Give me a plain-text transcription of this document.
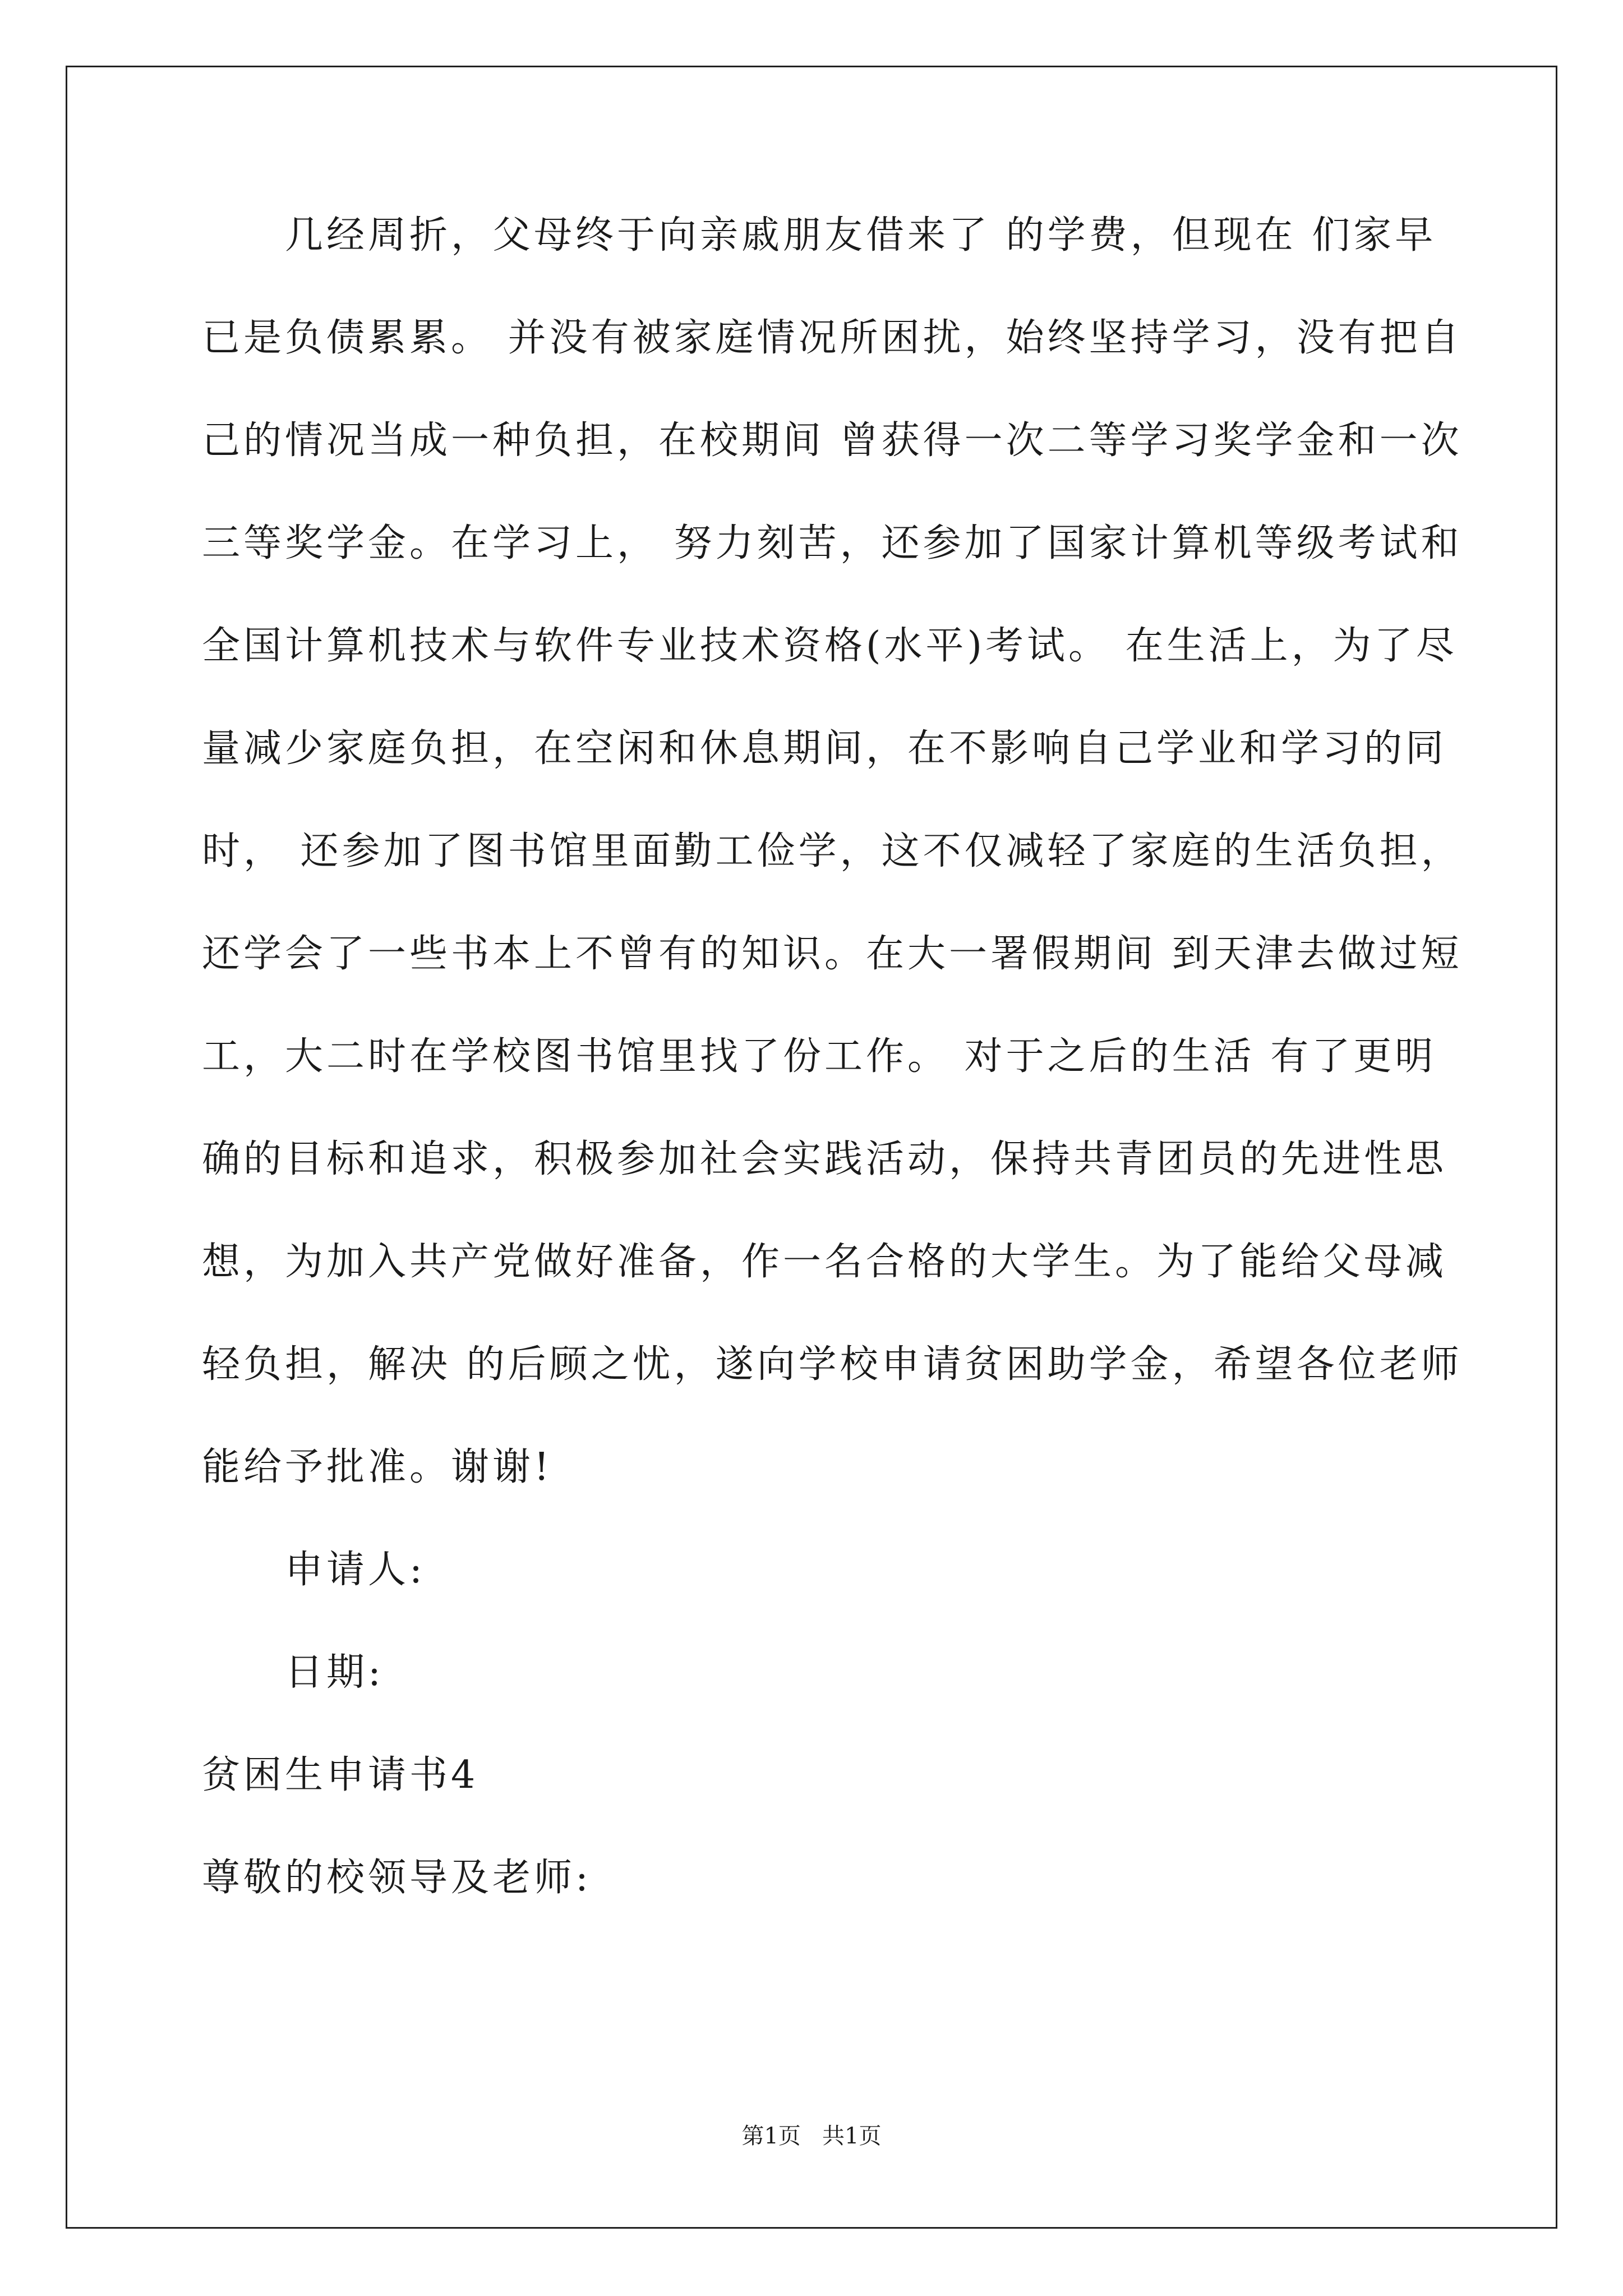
几经周折，父母终于向亲戚朋友借来了 的学费，但现在 们家早
已是负债累累。 并没有被家庭情况所困扰，始终坚持学习，没有把自
己的情况当成一种负担，在校期间 曾获得一次二等学习奖学金和一次
三等奖学金。在学习上， 努力刻苦，还参加了国家计算机等级考试和
全国计算机技术与软件专业技术资格(水平)考试。 在生活上，为了尽
量减少家庭负担，在空闲和休息期间，在不影响自己学业和学习的同
时， 还参加了图书馆里面勤工俭学，这不仅减轻了家庭的生活负担，
还学会了一些书本上不曾有的知识。在大一署假期间 到天津去做过短
工，大二时在学校图书馆里找了份工作。 对于之后的生活 有了更明
确的目标和追求，积极参加社会实践活动，保持共青团员的先进性思
想，为加入共产党做好准备，作一名合格的大学生。为了能给父母减
轻负担，解决 的后顾之忧，遂向学校申请贫困助学金，希望各位老师
能给予批准。谢谢!
申请人:
日期:
贫困生申请书4
尊敬的校领导及老师:
第1页   共1页
